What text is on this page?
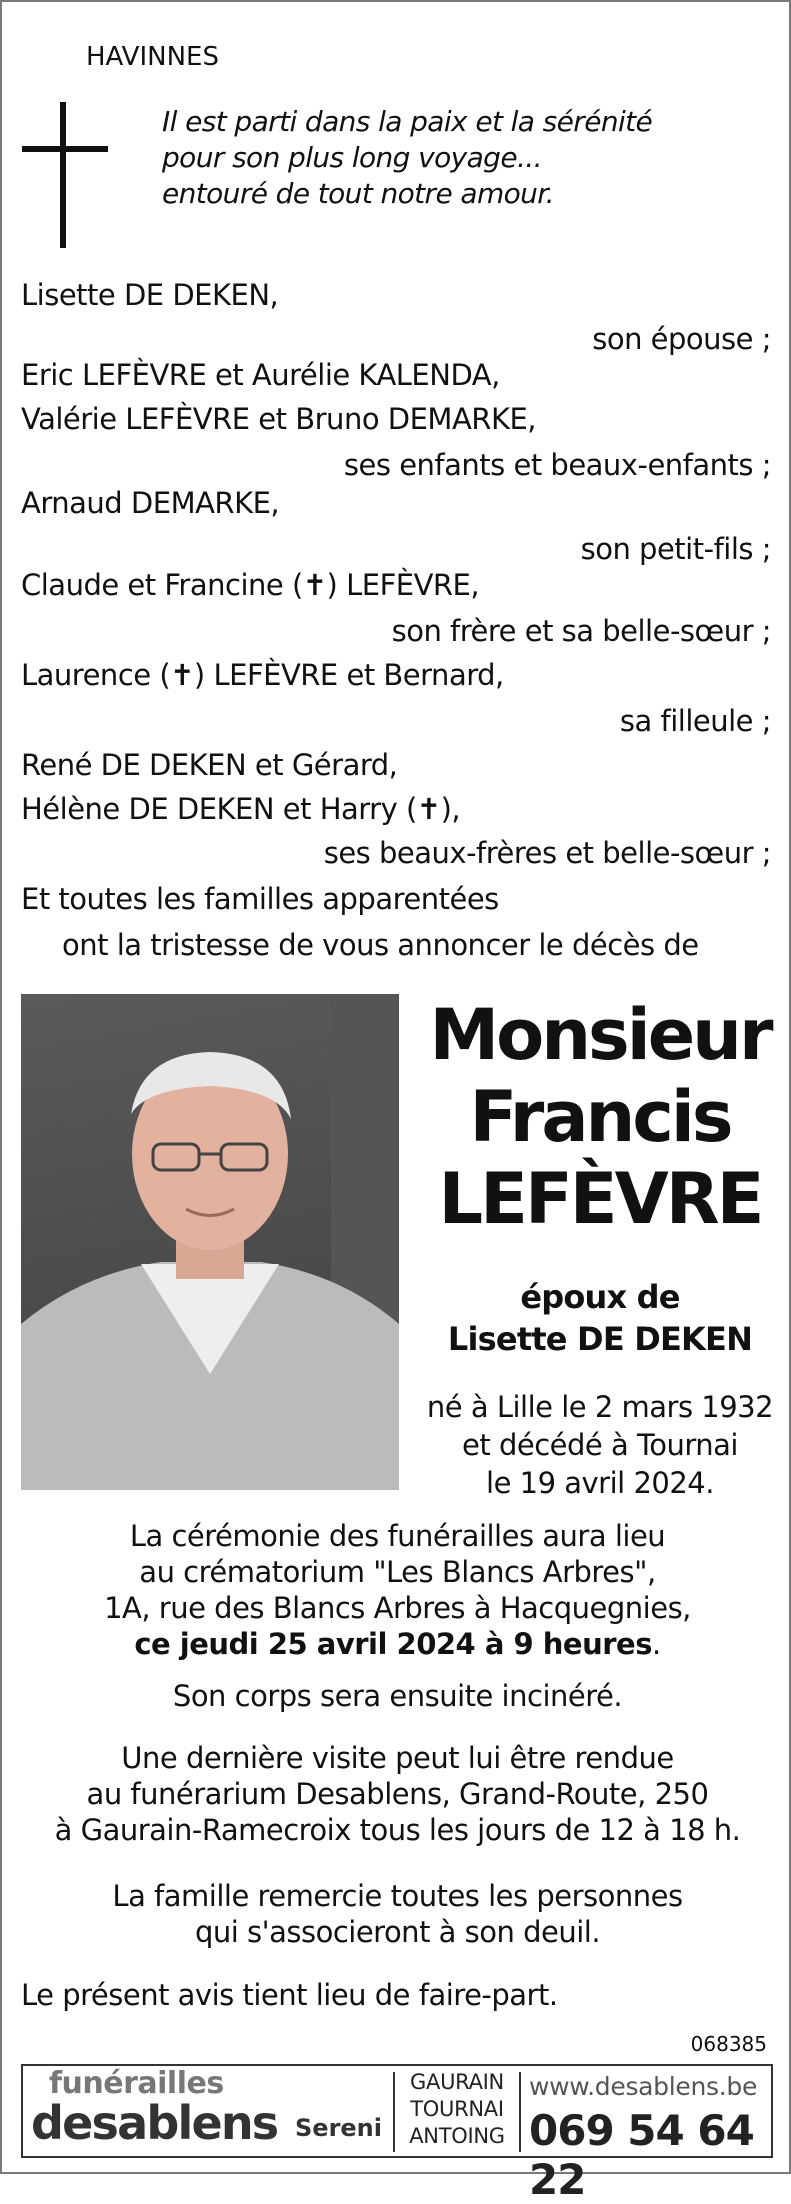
HAVINNES
Il est parti dans la paix et la sérénité
pour son plus long voyage...
entouré de tout notre amour.
Lisette DE DEKEN,
son épouse ;
Eric LEFÈVRE et Aurélie KALENDA,
Valérie LEFÈVRE et Bruno DEMARKE,
ses enfants et beaux-enfants ;
Arnaud DEMARKE,
son petit-fils ;
Claude et Francine (✝) LEFÈVRE,
son frère et sa belle-sœur ;
Laurence (✝) LEFÈVRE et Bernard,
sa filleule ;
René DE DEKEN et Gérard,
Hélène DE DEKEN et Harry (✝),
ses beaux-frères et belle-sœur ;
Et toutes les familles apparentées
ont la tristesse de vous annoncer le décès de
Monsieur
Francis
LEFÈVRE
époux de
Lisette DE DEKEN
né à Lille le 2 mars 1932
et décédé à Tournai
le 19 avril 2024.
La cérémonie des funérailles aura lieu
au crématorium "Les Blancs Arbres",
1A, rue des Blancs Arbres à Hacquegnies,
ce jeudi 25 avril 2024 à 9 heures.
Son corps sera ensuite incinéré.
Une dernière visite peut lui être rendue
au funérarium Desablens, Grand-Route, 250
à Gaurain-Ramecroix tous les jours de 12 à 18 h.
La famille remercie toutes les personnes
qui s'associeront à son deuil.
Le présent avis tient lieu de faire-part.
068385
funérailles
desablens Sereni
GAURAIN
TOURNAI
ANTOING
www.desablens.be
069 54 64 22
